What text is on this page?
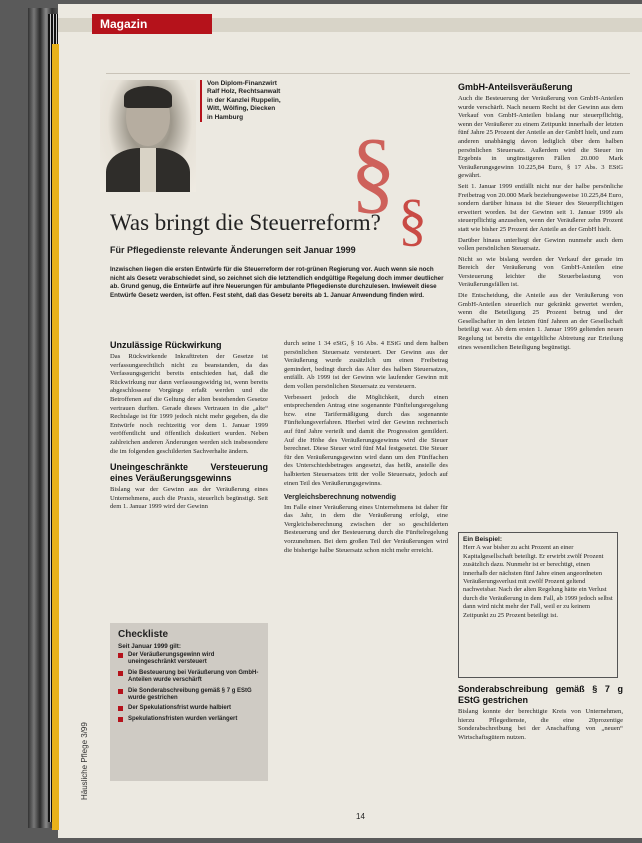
Magazin
Häusliche Pflege 3/99
Von Diplom-Finanzwirt
Ralf Holz, Rechtsanwalt
in der Kanzlei Ruppelin,
Witt, Wölfing, Diecken
in Hamburg
§ §
Was bringt die Steuerreform?
Für Pflegedienste relevante Änderungen seit Januar 1999
Inzwischen liegen die ersten Entwürfe für die Steuerreform der rot-grünen Regierung vor. Auch wenn sie noch nicht als Gesetz verabschiedet sind, so zeichnet sich die letztendlich endgültige Regelung doch immer deutlicher ab. Grund genug, die Entwürfe auf ihre Neuerungen für ambulante Pflegedienste durchzulesen. Inwieweit diese Entwürfe Gesetz werden, ist offen. Fest steht, daß das Gesetz bereits ab 1. Januar Anwendung finden wird.
Unzulässige Rückwirkung

Das Rückwirkende Inkrafttreten der Gesetze ist verfassungsrechtlich nicht zu beanstanden, da das Verfassungsgericht bereits entschieden hat, daß die Rückwirkung nur dann verfassungswidrig ist, wenn bereits abgeschlossene Vorgänge erfaßt werden und die Betroffenen auf die Geltung der alten bestehenden Gesetze vertrauen durften. Gerade dieses Vertrauen in die „alte“ Rechtslage ist für 1999 jedoch nicht mehr gegeben, da die Entwürfe noch rechtzeitig vor dem 1. Januar 1999 veröffentlicht und öffentlich diskutiert wurden. Neben zahlreichen anderen Änderungen werden sich insbesondere die im folgenden geschilderten Sachverhalte ändern.

Uneingeschränkte Versteuerung eines Veräußerungsgewinns

Bislang war der Gewinn aus der Veräußerung eines Unternehmens, auch die Praxis, steuerlich begünstigt. Seit dem 1. Januar 1999 wird der Gewinn

Checkliste
Seit Januar 1999 gilt:
Der Veräußerungsgewinn wird uneingeschränkt versteuert
Die Besteuerung bei Veräußerung von GmbH-Anteilen wurde verschärft
Die Sonderabschreibung gemäß § 7 g EStG wurde gestrichen
Der Spekulationsfrist wurde halbiert
Spekulationsfristen wurden verlängert

durch seine 1 34 eStG, § 16 Abs. 4 EStG und dem halben persönlichen Steuersatz versteuert. Der Gewinn aus der Veräußerung wurde zusätzlich um einen Freibetrag gemindert, bedingt durch das Alter des halben Steuersatzes, entfällt. Ab 1999 ist der Gewinn wie laufender Gewinn mit dem vollen persönlichen Steuersatz zu versteuern.

Verbessert jedoch die Möglichkeit, durch einen entsprechenden Antrag eine sogenannte Fünftelungsregelung bzw. eine Tarifermäßigung durch das sogenannte Fünftelungsverfahren. Hierbei wird der Gewinn rechnerisch auf fünf Jahre verteilt und damit die Progression gemildert. Auf die Höhe des Veräußerungsgewinns wird die Steuer berechnet. Diese Steuer wird fünf Mal festgesetzt. Die Steuer für den Veräußerungsgewinn wird dann um den Fünffachen des Unterschiedsbetrages angesetzt, das heißt, anstelle des halbierten Steuersatzes tritt der volle Steuersatz, jedoch auf einen Teil des Veräußerungsgewinns.

Vergleichsberechnung notwendig

Im Falle einer Veräußerung eines Unternehmens ist daher für das Jahr, in dem die Veräußerung erfolgt, eine Vergleichsberechnung zwischen der so geschilderten Besteuerung und der Besteuerung durch die Fünftelregelung vorzunehmen. Bei dem großen Teil der Veräußerungen wird die bisherige halbe Steuersatz schon nicht mehr erreicht.

GmbH-Anteilsveräußerung

Auch die Besteuerung der Veräußerung von GmbH-Anteilen wurde verschärft. Nach neuem Recht ist der Gewinn aus dem Verkauf von GmbH-Anteilen bislang nur steuerpflichtig, wenn der Veräußerer zu einem Zeitpunkt innerhalb der letzten fünf Jahre 25 Prozent der Anteile an der GmbH hielt, und zum anderen unabhängig davon lediglich über dem halben persönlichen Steuersatz. Außerdem wird die Steuer im Ergebnis in ungünstigeren Fällen 20.000 Mark Veräußerungsgewinn 10.225,84 Euro, § 17 Abs. 3 EStG gewährt.

Seit 1. Januar 1999 entfällt nicht nur der halbe persönliche Freibetrag von 20.000 Mark beziehungsweise 10.225,84 Euro, sondern darüber hinaus ist die Steuer des Steuerpflichtigen erweitert worden. Ist der Gewinn seit 1. Januar 1999 als steuerpflichtig anzusehen, wenn der Veräußerer zehn Prozent statt wie bisher 25 Prozent der Anteile an der GmbH hielt.

Darüber hinaus unterliegt der Gewinn nunmehr auch dem vollen persönlichen Steuersatz.

Nicht so wie bislang werden der Verkauf der gerade im Bereich der Veräußerung von GmbH-Anteilen eine Versteuerung leichter die Steuerbelastung von Veräußerungsfällen ist.

Die Entscheidung, die Anteile aus der Veräußerung von GmbH-Anteilen steuerlich nur gekränkt gewertet werden, wenn die Beteiligung 25 Prozent betrug und der Gesellschafter in den letzten fünf Jahren an der Gesellschaft beteiligt war. Ab dem ersten 1. Januar 1999 geltenden neuen Regelung ist bereits die entgeltliche Abtretung zur Erteilung eines wesentlichen Beteiligung begünstigt.

Ein Beispiel:
Herr A war bisher zu acht Prozent an einer Kapitalgesellschaft beteiligt. Er erwirbt zwölf Prozent zusätzlich dazu. Nunmehr ist er berechtigt, einen innerhalb der nächsten fünf Jahre einen angeordneten Veräußerungsverlust mit zwölf Prozent geltend nachweisbar. Nach der alten Regelung hätte ein Verlust durch die Veräußerung in dem Fall, ab 1999 jedoch selbst dann wird nicht mehr der Fall, weil er zu keinem Zeitpunkt zu 25 Prozent beteiligt ist.
Sonderabschreibung gemäß § 7 g EStG gestrichen

Bislang konnte der berechtigte Kreis von Unternehmen, hierzu Pflegedienste, die eine 20prozentige Sonderabschreibung bei der Anschaffung von „neuen“ Wirtschaftsgütern nutzen.

14
